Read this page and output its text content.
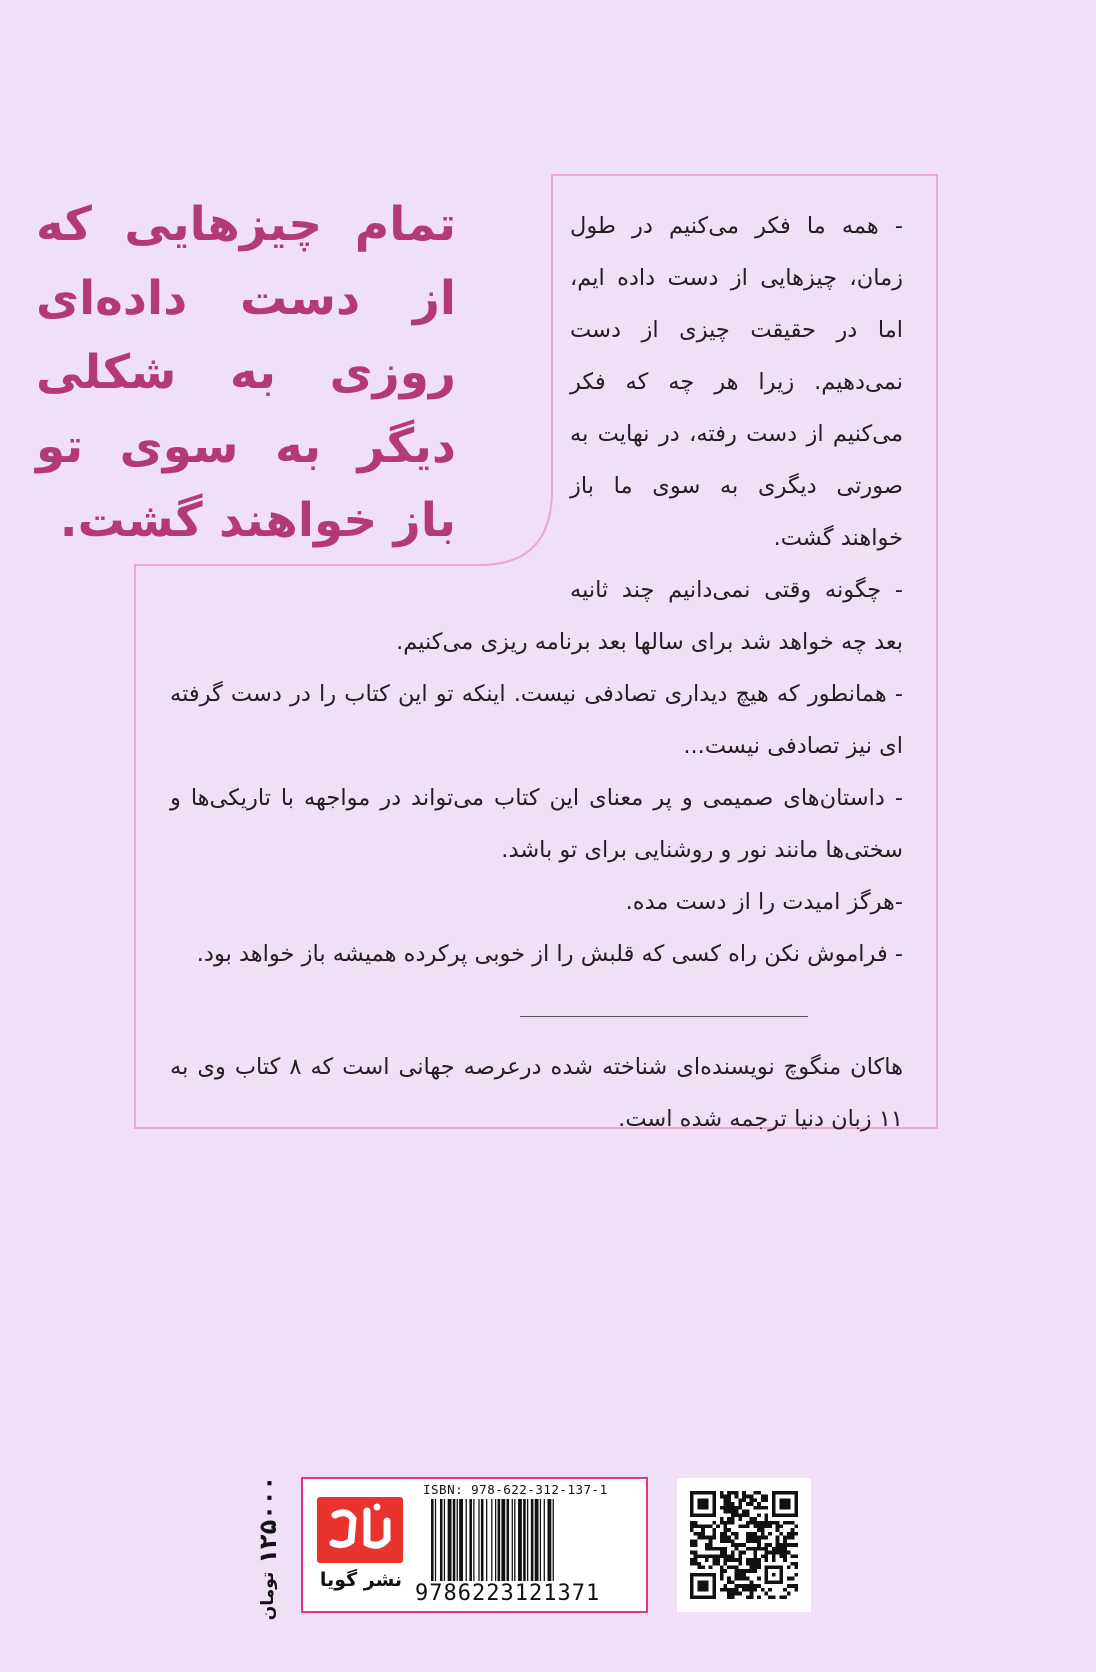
تمام چیزهایی که از دست داده‌ای روزی به شکلی دیگر به سوی تو باز خواهند گشت.

- همه ما فکر می‌کنیم در طول زمان، چیزهایی از دست داده ایم، اما در حقیقت چیزی از دست نمی‌دهیم. زیرا هر چه که فکر می‌کنیم از دست رفته، در نهایت به صورتی دیگری به سوی ما باز خواهند گشت.

- چگونه وقتی نمی‌دانیم چند ثانیه بعد چه خواهد شد برای سالها بعد برنامه ریزی می‌کنیم.

- همانطور که هیچ دیداری تصادفی نیست. اینکه تو این کتاب را در دست گرفته ای نیز تصادفی نیست...

- داستان‌های صمیمی و پر معنای این کتاب می‌تواند در مواجهه با تاریکی‌ها و سختی‌ها مانند نور و روشنایی برای تو باشد.

-هرگز امیدت را از دست مده.

- فراموش نکن راه کسی که قلبش را از خوبی پرکرده همیشه باز خواهد بود.

هاکان منگوچ نویسنده‌ای شناخته شده درعرصه جهانی است که ۸ کتاب وی به ۱۱ زبان دنیا ترجمه شده است.

ISBN: 978-622-312-137-1
9786223121371
نشر گویا
۱۲۵۰۰۰
تومان
